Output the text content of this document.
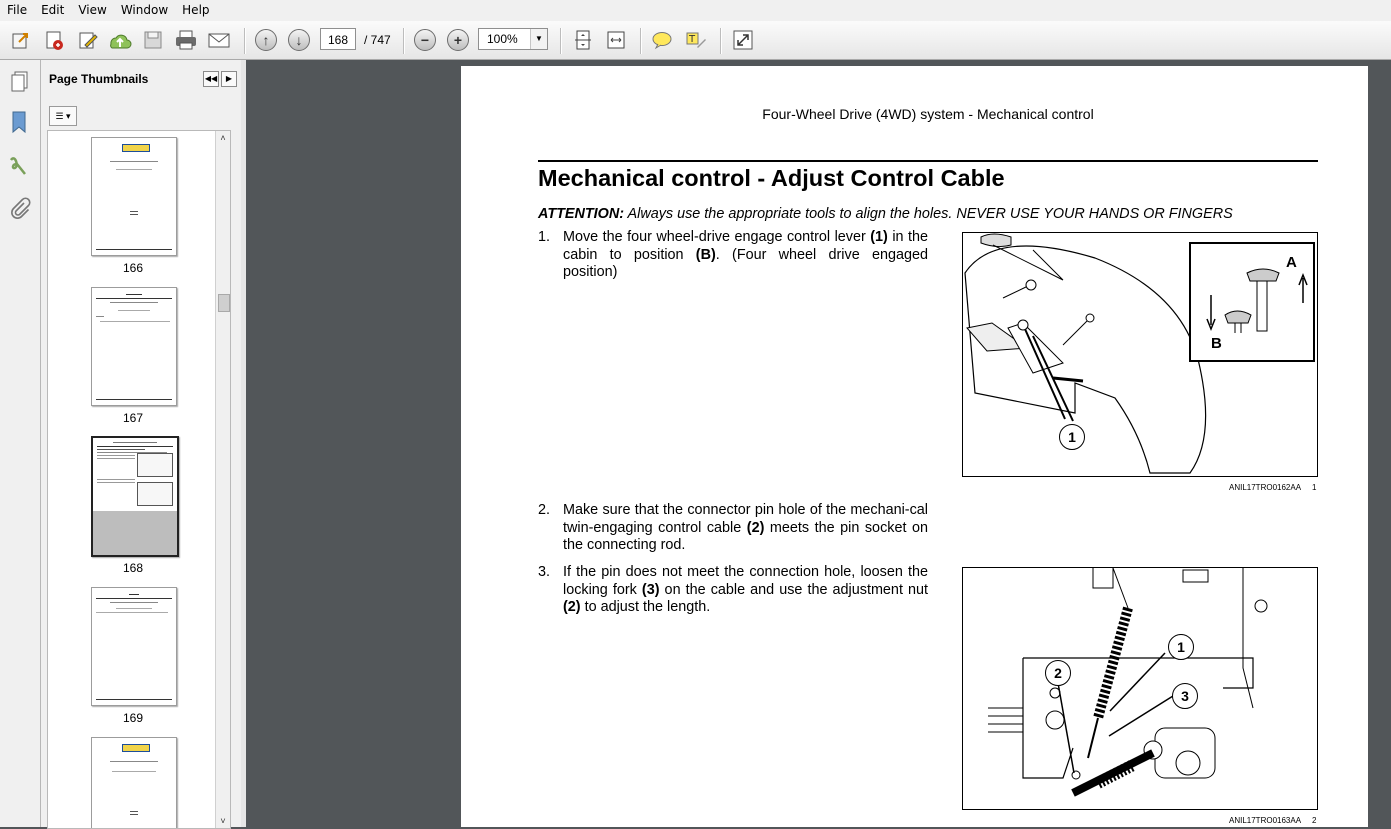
File	Edit	View	Window	Help
↑	↓	−	+	T
168	/ 747	100%	▼
Page Thumbnails	◀◀	▶
☰ ▾
166
167
168
169
˄
˅
Four-Wheel Drive (4WD) system - Mechanical control
Mechanical control - Adjust Control Cable
ATTENTION: Always use the appropriate tools to align the holes. NEVER USE YOUR HANDS OR FINGERS
1. Move the four wheel-drive engage control lever (1) in the cabin to position (B). (Four wheel drive engaged position)
A
B
1
ANIL17TRO0162AA 1
2. Make sure that the connector pin hole of the mechani-cal twin-engaging control cable (2) meets the pin socket on the connecting rod.
3. If the pin does not meet the connection hole, loosen the locking fork (3) on the cable and use the adjustment nut (2) to adjust the length.
1
2
3
ANIL17TRO0163AA 2
